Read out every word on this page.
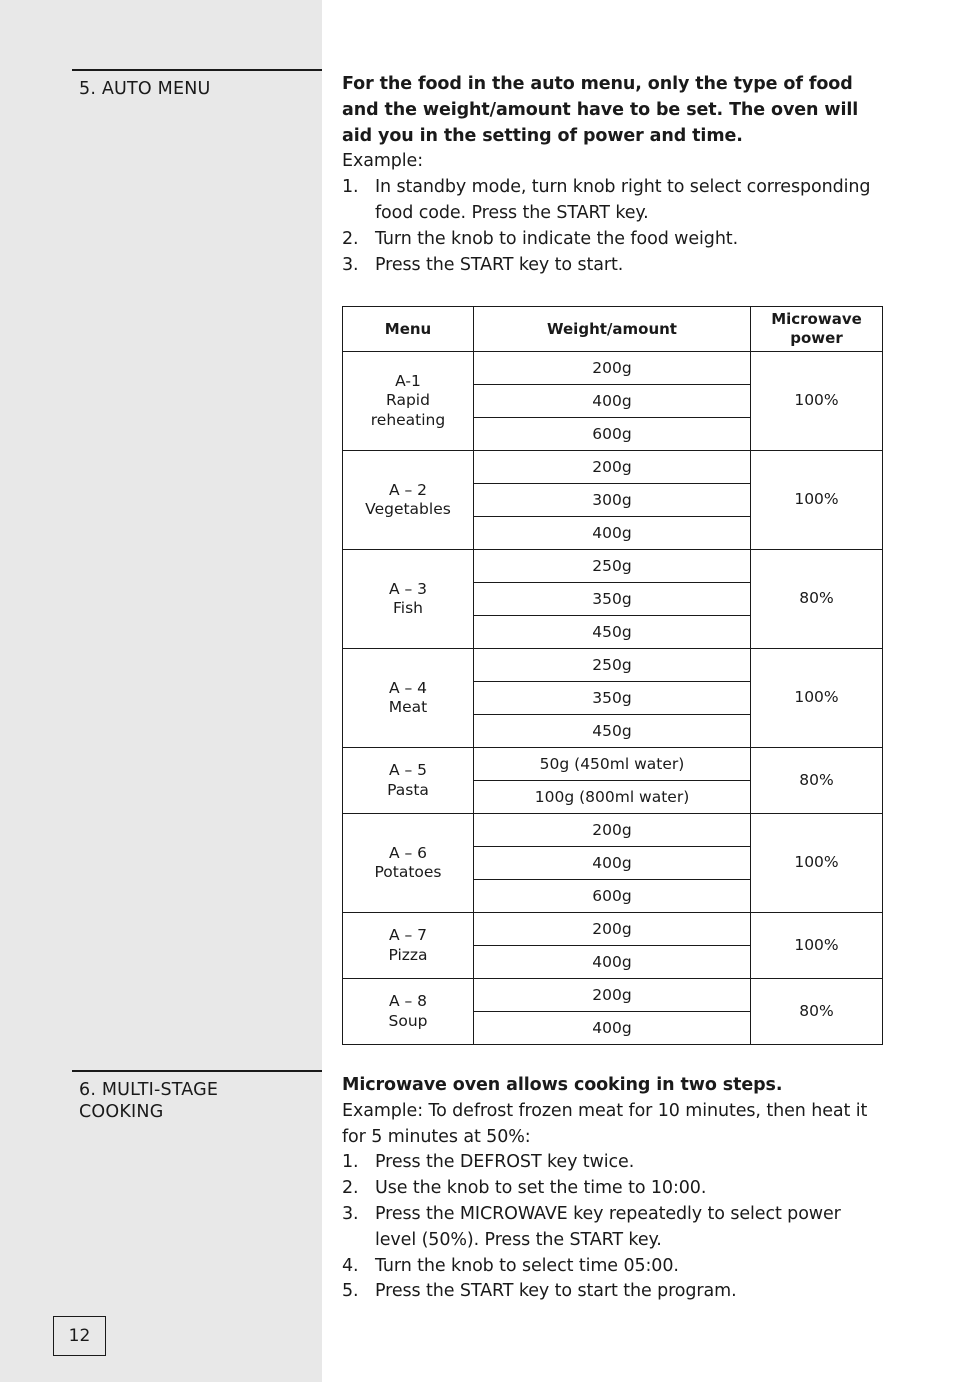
5. AUTO MENU	For the food in the auto menu, only the type of food and the weight/amount have to be set. The oven will aid you in the setting of power and time.

Example:

1. In standby mode, turn knob right to select corresponding food code. Press the START key.
2. Turn the knob to indicate the food weight.
3. Press the START key to start.
Menu	Weight/amount	Microwave power

A-1
Rapid reheating	200g	100%
	400g	
	600g	

A – 2
Vegetables	200g	100%
	300g	
	400g	

A – 3
Fish	250g	80%
	350g	
	450g	

A – 4
Meat	250g	100%
	350g	
	450g	

A – 5
Pasta	50g (450ml water)	80%
	100g (800ml water)	

A – 6
Potatoes	200g	100%
	400g	
	600g	

A – 7
Pizza	200g	100%
	400g	

A – 8
Soup	200g	80%
	400g	
6. MULTI-STAGE
COOKING

Microwave oven allows cooking in two steps.

Example: To defrost frozen meat for 10 minutes, then heat it for 5 minutes at 50%:

1. Press the DEFROST key twice.
2. Use the knob to set the time to 10:00.
3. Press the MICROWAVE key repeatedly to select power level (50%). Press the START key.
4. Turn the knob to select time 05:00.
5. Press the START key to start the program.
12
